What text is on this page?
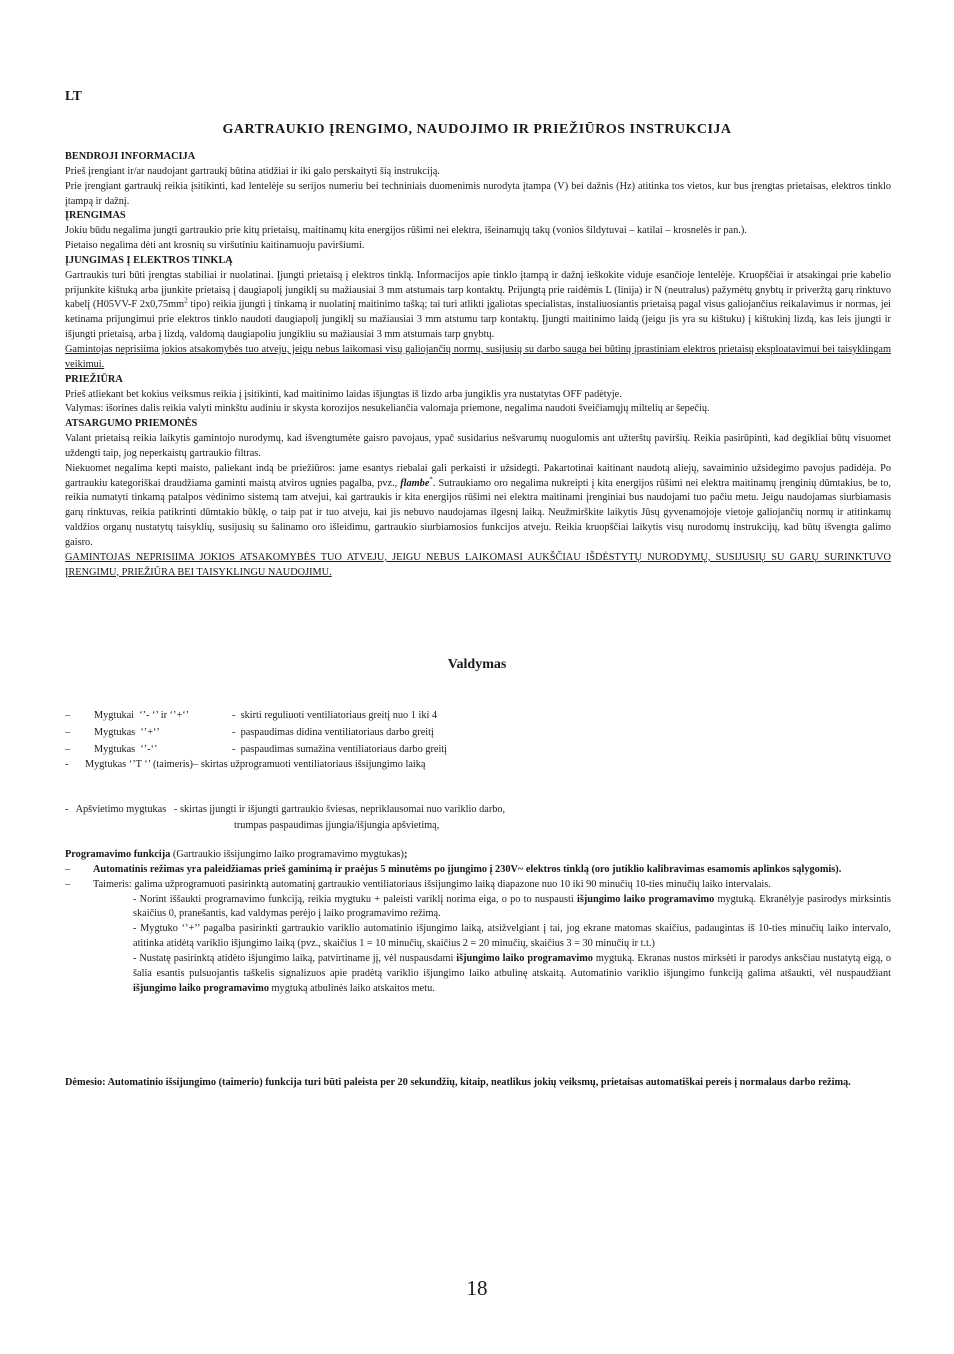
LT
GARTRAUKIO ĮRENGIMO, NAUDOJIMO IR PRIEŽIŪROS INSTRUKCIJA
BENDROJI INFORMACIJA

Prieš įrengiant ir/ar naudojant gartraukį būtina atidžiai ir iki galo perskaityti šią instrukciją.

Prie įrengiant gartraukį reikia įsitikinti, kad lentelėje su serijos numeriu bei techniniais duomenimis nurodyta įtampa (V) bei dažnis (Hz) atitinka tos vietos, kur bus įrengtas prietaisas, elektros tinklo įtampą ir dažnį.

ĮRENGIMAS

Jokiu būdu negalima jungti gartraukio prie kitų prietaisų, maitinamų kita energijos rūšimi nei elektra, išeinamųjų takų (vonios šildytuvai – katilai – krosnelės ir pan.).

Pietaiso negalima dėti ant krosnių su viršutiniu kaitinamuoju paviršiumi.

ĮJUNGIMAS Į ELEKTROS TINKLĄ

Gartraukis turi būti įrengtas stabiliai ir nuolatinai. Įjungti prietaisą į elektros tinklą. Informacijos apie tinklo įtampą ir dažnį ieškokite viduje esančioje lentelėje. Kruopščiai ir atsakingai prie kabelio prijunkite kištuką arba įjunkite prietaisą į daugiapolį jungiklį su mažiausiai 3 mm atstumais tarp kontaktų. Prijungtą prie raidėmis L (linija) ir N (neutralus) pažymėtų gnybtų ir priveržtą garų rinktuvo kabelį (H05VV-F $2x0,75mm^2$ tipo) reikia įjungti į tinkamą ir nuolatinį maitinimo tašką; tai turi atlikti įgaliotas specialistas, instaliuosiantis prietaisą pagal visus galiojančius reikalavimus ir normas, jei ketinama prijungimui prie elektros tinklo naudoti daugiapolį jungiklį su mažiausiai 3 mm atstumu tarp kontaktų. Įjungti maitinimo laidą (jeigu jis yra su kištuku) į kištukinį lizdą, kas leis įjungti ir išjungti prietaisą, arba į lizdą, valdomą daugiapoliu jungikliu su mažiausiai 3 mm atstumais tarp gnybtų.

Gamintojas neprisiima jokios atsakomybės tuo atveju, jeigu nebus laikomasi visų galiojančių normų, susijusių su darbo sauga bei būtinų įprastiniam elektros prietaisų eksploatavimui bei taisyklingam veikimui.

PRIEŽIŪRA

Prieš atliekant bet kokius veiksmus reikia į įsitikinti, kad maitinimo laidas išjungtas iš lizdo arba jungiklis yra nustatytas OFF padėtyje.

Valymas: išorines dalis reikia valyti minkštu audiniu ir skysta korozijos nesukeliančia valomaja priemone, negalima naudoti šveičiamųjų miltelių ar šepečių.

ATSARGUMO PRIEMONĖS

Valant prietaisą reikia laikytis gamintojo nurodymų, kad išvengtumėte gaisro pavojaus, ypač susidarius nešvarumų nuogulomis ant užterštų paviršių. Reikia pasirūpinti, kad degikliai būtų visuomet uždengti taip, jog neperkaistų gartraukio filtras.

Niekuomet negalima kepti maisto, paliekant indą be priežiūros: jame esantys riebalai gali perkaisti ir užsidegti. Pakartotinai kaitinant naudotą aliejų, savaiminio užsidegimo pavojus padidėja. Po gartraukiu kategoriškai draudžiama gaminti maistą atviros ugnies pagalba, pvz., flambe*. Sutraukiamo oro negalima nukreipti į kita energijos rūšimi nei elektra maitinamų įrenginių dūmtakius, be to, reikia numatyti tinkamą patalpos vėdinimo sistemą tam atvejui, kai gartraukis ir kita energijos rūšimi nei elektra maitinami įrenginiai bus naudojami tuo pačiu metu. Jeigu naudojamas siurbiamasis garų rinktuvas, reikia patikrinti dūmtakio būklę, o taip pat ir tuo atveju, kai jis nebuvo naudojamas ilgesnį laiką. Neužmirškite laikytis Jūsų gyvenamojoje vietoje galiojančių normų ir atitinkamų valdžios organų nustatytų taisyklių, susijusių su šalinamo oro išleidimu, gartraukio siurbiamosios funkcijos atveju. Reikia kruopščiai laikytis visų nurodomų instrukcijų, kad būtų išvengta galimo gaisro.

GAMINTOJAS NEPRISIIMA JOKIOS ATSAKOMYBĖS TUO ATVEJU, JEIGU NEBUS LAIKOMASI AUKŠČIAU IŠDĖSTYTŲ NURODYMŲ, SUSIJUSIŲ SU GARŲ SURINKTUVO ĮRENGIMU, PRIEŽIŪRA BEI TAISYKLINGU NAUDOJIMU.

Valdymas
–	Mygtukai  ‘’- ‘’ ir ‘’+‘’	-  skirti reguliuoti ventiliatoriaus greitį nuo 1 iki 4
–	Mygtukas  ‘’+‘’	-  paspaudimas didina ventiliatoriaus darbo greitį
–	Mygtukas  ‘’-‘’	-  paspaudimas sumažina ventiliatoriaus darbo greitį
-	Mygtukas ‘’T ‘’ (taimeris) – skirtas užprogramuoti ventiliatoriaus išsijungimo laiką
-   Apšvietimo mygtukas   - skirtas įjungti ir išjungti gartraukio šviesas, nepriklausomai nuo variklio darbo,
trumpas paspaudimas įjungia/išjungia apšvietimą,

Programavimo funkcija (Gartraukio išsijungimo laiko programavimo mygtukas);

–	Automatinis režimas yra paleidžiamas prieš gaminimą ir praėjus 5 minutėms po įjungimo į 230V~ elektros tinklą (oro jutiklio kalibravimas esamomis aplinkos sąlygomis).
–	Taimeris: galima užprogramuoti pasirinktą automatinį gartraukio ventiliatoriaus išsijungimo laiką diapazone nuo 10 iki 90 minučių 10-ties minučių laiko intervalais.
- Norint iššaukti programavimo funkciją, reikia mygtuku + paleisti variklį norima eiga, o po to nuspausti išjungimo laiko programavimo mygtuką. Ekranėlyje pasirodys mirksintis skaičius 0, pranešantis, kad valdymas perėjo į laiko programavimo režimą.
- Mygtuko ‘’+’’ pagalba pasirinkti gartraukio variklio automatinio išjungimo laiką, atsižvelgiant į tai, jog ekrane matomas skaičius, padaugintas iš 10-ties minučių laiko intervalo, atitinka atidėtą variklio išjungimo laiką (pvz., skaičius 1 = 10 minučių, skaičius 2 = 20 minučių, skaičius 3 = 30 minučių ir t.t.)
- Nustatę pasirinktą atidėto išjungimo laiką, patvirtiname jį, vėl nuspausdami išjungimo laiko programavimo mygtuką. Ekranas nustos mirksėti ir parodys anksčiau nustatytą eigą, o šalia esantis pulsuojantis taškelis signalizuos apie pradėtą variklio išjungimo laiko atbulinę atskaitą. Automatinio variklio išjungimo funkciją galima atšaukti, vėl nuspaudžiant išjungimo laiko programavimo mygtuką atbulinės laiko atskaitos metu.
Dėmesio: Automatinio išsijungimo (taimerio) funkcija turi būti paleista per 20 sekundžių, kitaip, neatlikus jokių veiksmų, prietaisas automatiškai pereis į normalaus darbo režimą.
18
